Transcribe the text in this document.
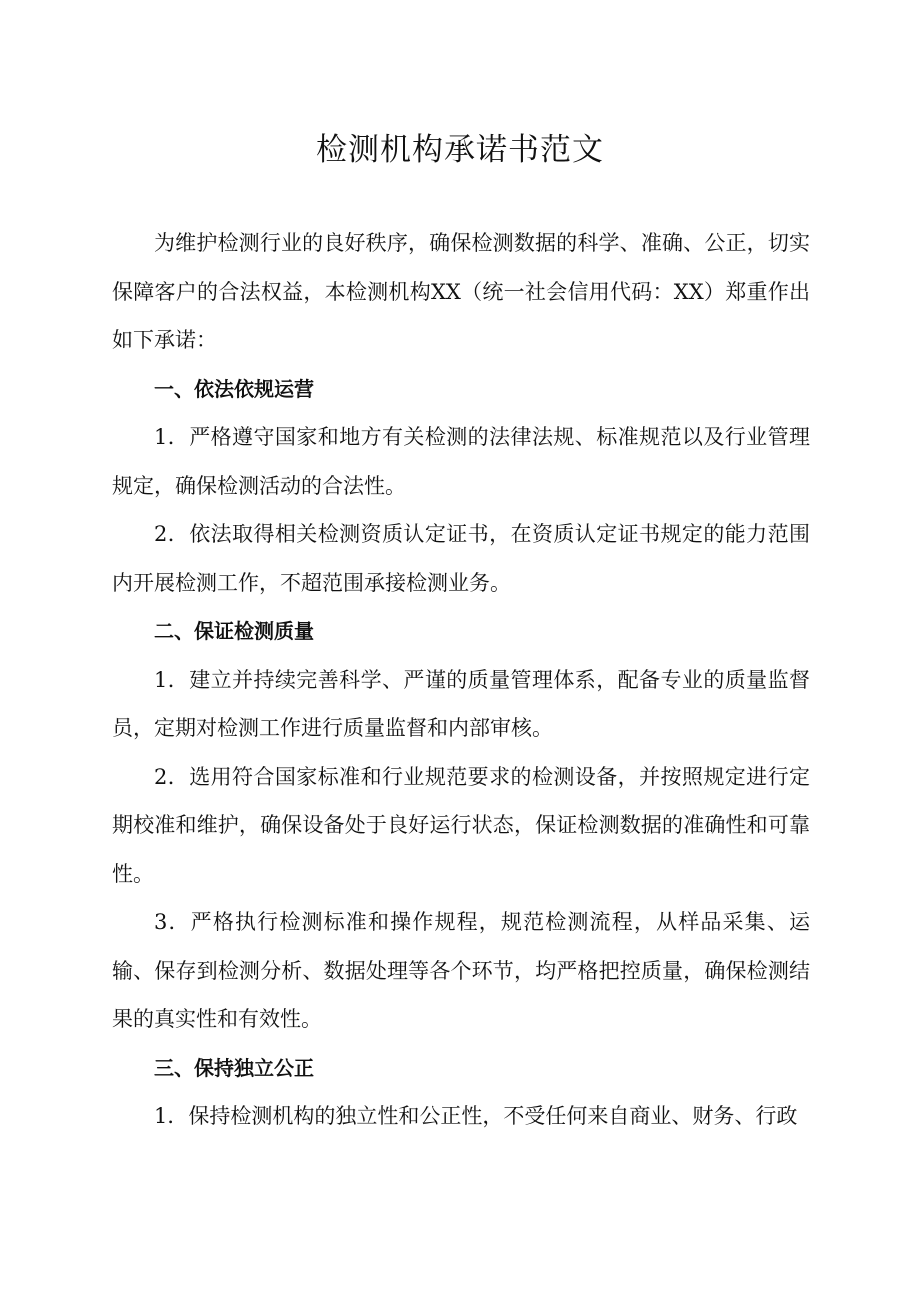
检测机构承诺书范文

为维护检测行业的良好秩序，确保检测数据的科学、准确、公正，切实保障客户的合法权益，本检测机构XX（统一社会信用代码：XX）郑重作出如下承诺：

一、依法依规运营

1．严格遵守国家和地方有关检测的法律法规、标准规范以及行业管理规定，确保检测活动的合法性。

2．依法取得相关检测资质认定证书，在资质认定证书规定的能力范围内开展检测工作，不超范围承接检测业务。

二、保证检测质量

1．建立并持续完善科学、严谨的质量管理体系，配备专业的质量监督员，定期对检测工作进行质量监督和内部审核。

2．选用符合国家标准和行业规范要求的检测设备，并按照规定进行定期校准和维护，确保设备处于良好运行状态，保证检测数据的准确性和可靠性。

3．严格执行检测标准和操作规程，规范检测流程，从样品采集、运输、保存到检测分析、数据处理等各个环节，均严格把控质量，确保检测结果的真实性和有效性。

三、保持独立公正

1．保持检测机构的独立性和公正性，不受任何来自商业、财务、行政
